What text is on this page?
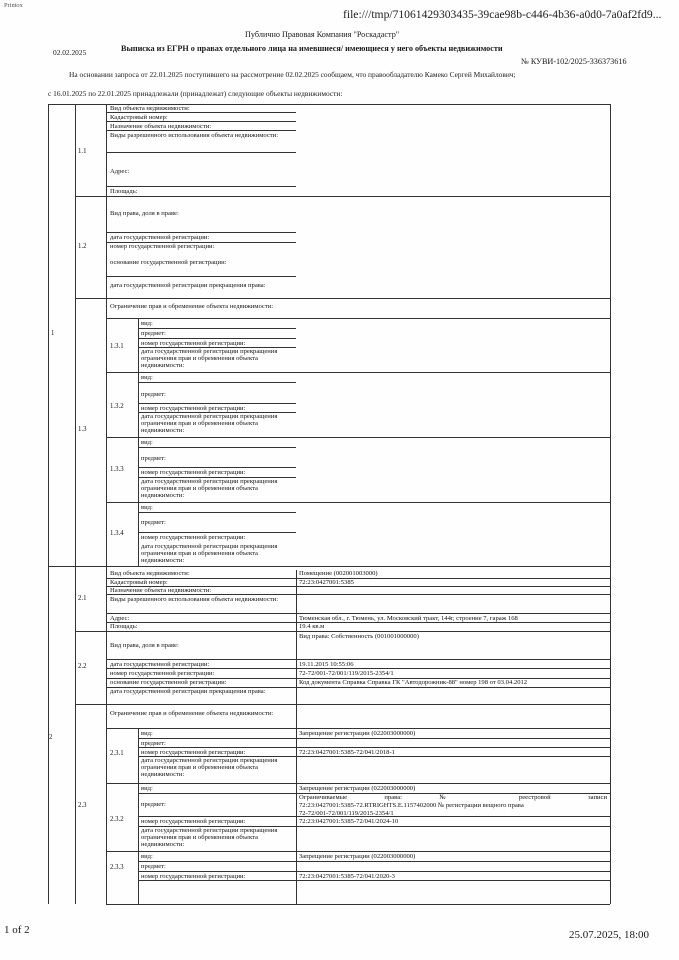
Printox
file:///tmp/71061429303435-39cae98b-c446-4b36-a0d0-7a0af2fd9...
1 of 2	25.07.2025, 18:00
Публично Правовая Компания "Роскадастр"
02.02.2025	Выписка из ЕГРН о правах отдельного лица на имевшиеся/ имеющиеся у него объекты недвижимости
№ КУВИ-102/2025-336373616
На основании запроса от 22.01.2025 поступившего на рассмотрение 02.02.2025 сообщаем, что правообладателю Камеко Сергей Михайлович;
с 16.01.2025 по 22.01.2025 принадлежали (принадлежат) следующие объекты недвижимости:
1
1.1
1.2
1.3
1.3.1
1.3.2
1.3.3
1.3.4
2
2.1
2.2
2.3
2.3.1
2.3.2
2.3.3
Вид объекта недвижимости:
Кадастровый номер:
Назначение объекта недвижимости:
Виды разрешенного использования объекта недвижимости:
Адрес:
Площадь:
Вид права, доля в праве:
дата государственной регистрации:
номер государственной регистрации:
основание государственной регистрации:
дата государственной регистрации прекращения права:
Ограничение прав и обременение объекта недвижимости:
вид:
предмет:
номер государственной регистрации:
дата государственной регистрации прекращения ограничения прав и обременения объекта недвижимости:
вид:
предмет:
номер государственной регистрации:
дата государственной регистрации прекращения ограничения прав и обременения объекта недвижимости:
вид:
предмет:
номер государственной регистрации:
дата государственной регистрации прекращения ограничения прав и обременения объекта недвижимости:
вид:
предмет:
номер государственной регистрации:
дата государственной регистрации прекращения ограничения прав и обременения объекта недвижимости:
Вид объекта недвижимости:
Кадастровый номер:
Назначение объекта недвижимости:
Виды разрешенного использования объекта недвижимости:
Адрес:
Площадь:
Вид права, доля в праве:
дата государственной регистрации:
номер государственной регистрации:
основание государственной регистрации:
дата государственной регистрации прекращения права:
Ограничение прав и обременение объекта недвижимости:
вид:
предмет:
номер государственной регистрации:
дата государственной регистрации прекращения ограничения прав и обременения объекта недвижимости:
вид:
предмет:
номер государственной регистрации:
дата государственной регистрации прекращения ограничения прав и обременения объекта недвижимости:
вид:
предмет:
номер государственной регистрации:
Помещение (002001003000)
72:23:0427001:5385
Тюменская обл., г. Тюмень, ул. Московский тракт, 144г, строение 7, гараж 168
19.4 кв.м
Вид права: Собственность (001001000000)
19.11.2015 10:55:06
72-72/001-72/001/119/2015-2354/1
Код документа Справка Справка ГК "Автодорожник-88" номер 198 от 03.04.2012
Запрещение регистрации (022003000000)
72:23:0427001:5385-72/041/2018-1
Запрещение регистрации (022003000000)
Ограничиваемые права: № реестровой записи
72:23:0427001:5385-72.RTRIGHTS.E.1157402000 № регистрации вещного права
72-72/001-72/001/119/2015-2354/1
72:23:0427001:5385-72/041/2024-10
Запрещение регистрации (022003000000)
72:23:0427001:5385-72/041/2020-3
